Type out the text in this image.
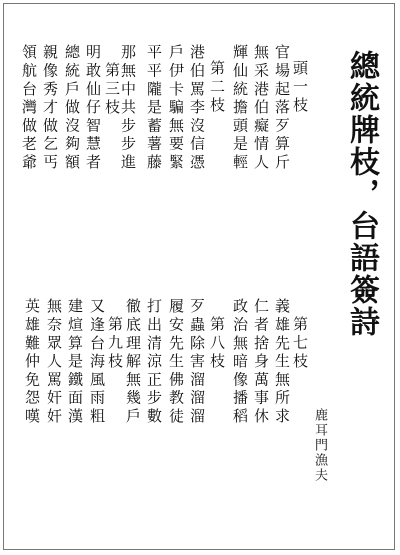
總統牌枝，台語簽詩
鹿耳門漁夫
頭一枝
官場起落歹算斤
無采港伯癡情人
輝仙統擔頭是輕
第二枝
港伯罵李沒信憑
戶伊卡騙無要緊
平平隴是蓄薯藤
那無中共步步進
第三枝
明敢仙仔智慧者
總統戶做沒夠額
親像秀才做乞丐
領航台灣做老爺
第七枝
義雄先生無所求
仁者捨身萬事休
政治無暗像播稻
第八枝
歹蟲除害溜溜溜
履安先生佛教徒
打出清涼正步數
徹底理解無幾戶
第九枝
又逢台海風雨粗
建煊算是鐵面漢
無奈眾人罵奸奸
英雄難仲免怨嘆
